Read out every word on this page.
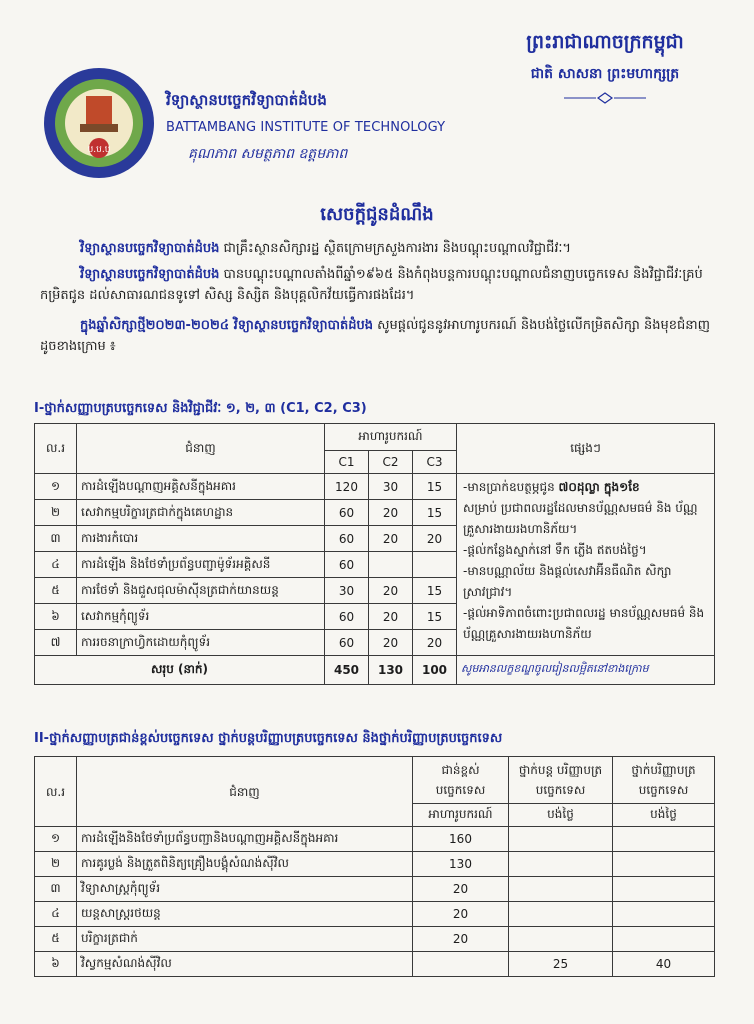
ប.ប.ប
វិទ្យាស្ថានបច្ចេកវិទ្យាបាត់ដំបង
BATTAMBANG INSTITUTE OF TECHNOLOGY
គុណភាព សមត្ថភាព ឧត្តមភាព
ព្រះរាជាណាចក្រកម្ពុជា
ជាតិ សាសនា ព្រះមហាក្សត្រ
សេចក្តីជូនដំណឹង
វិទ្យាស្ថានបច្ចេកវិទ្យាបាត់ដំបង ជាគ្រឹះស្ថានសិក្សារដ្ឋ ស្ថិតក្រោមក្រសួងការងារ និងបណ្តុះបណ្តាលវិជ្ជាជីវៈ។
វិទ្យាស្ថានបច្ចេកវិទ្យាបាត់ដំបង បានបណ្តុះបណ្តាលតាំងពីឆ្នាំ១៩៦៥ និងកំពុងបន្តការបណ្តុះបណ្តាលជំនាញបច្ចេកទេស និងវិជ្ជាជីវៈគ្រប់កម្រិតជូន ដល់សាធារណជនទូទៅ សិស្ស និស្សិត និងបុគ្គលិកវ័យធ្វើការផងដែរ។
ក្នុងឆ្នាំសិក្សាថ្មី២០២៣-២០២៤ វិទ្យាស្ថានបច្ចេកវិទ្យាបាត់ដំបង សូមផ្តល់ជូននូវអាហារូបករណ៍ និងបង់ថ្លៃលើកម្រិតសិក្សា និងមុខជំនាញ ដូចខាងក្រោម ៖
I-ថ្នាក់សញ្ញាបត្របច្ចេកទេស និងវិជ្ជាជីវៈ ១, ២, ៣ (C1, C2, C3)
ល.រ	ជំនាញ	អាហារូបករណ៍			ផ្សេងៗ
		C1	C2	C3	
១	ការដំឡើងបណ្តាញអគ្គិសនីក្នុងអគារ	120	30	15	-មានប្រាក់ឧបត្ថម្ភជូន ៧០ដុល្លា ក្នុង១ខែ
សម្រាប់ ប្រជាពលរដ្ឋដែលមានប័ណ្ណសមធម៌ និង ប័ណ្ណគ្រួសារងាយរងហានិភ័យ។
-ផ្តល់កន្លែងស្នាក់នៅ ទឹក ភ្លើង ឥតបង់ថ្លៃ។
-មានបណ្ណាល័យ និងផ្តល់សេវាអ៊ីនធឺណិត សិក្សា ស្រាវជ្រាវ។
-ផ្តល់អាទិភាពចំពោះប្រជាពលរដ្ឋ មានប័ណ្ណសមធម៌ និងប័ណ្ណគ្រួសារងាយរងហានិភ័យ

២	សេវាកម្មបរិក្ខារត្រជាក់ក្នុងគេហដ្ឋាន	60	20	15	
៣	ការងារកំបោរ	60	20	20	
៤	ការដំឡើង និងថែទាំប្រព័ន្ធបញ្ជាម៉ូទ័រអគ្គិសនី	60			
៥	ការថែទាំ និងជួសជុលម៉ាស៊ីនត្រជាក់យានយន្ត	30	20	15	
៦	សេវាកម្មកុំព្យូទ័រ	60	20	15	
៧	ការរចនាក្រាហ្វិកដោយកុំព្យូទ័រ	60	20	20	
សរុប (នាក់)		450	130	100	សូមអានលក្ខខណ្ឌចូលរៀនលម្អិតនៅខាងក្រោម
II-ថ្នាក់សញ្ញាបត្រជាន់ខ្ពស់បច្ចេកទេស ថ្នាក់បន្តបរិញ្ញាបត្របច្ចេកទេស និងថ្នាក់បរិញ្ញាបត្របច្ចេកទេស
ល.រ	ជំនាញ	ជាន់ខ្ពស់បច្ចេកទេស	ថ្នាក់បន្ត បរិញ្ញាបត្របច្ចេកទេស	ថ្នាក់បរិញ្ញាបត្របច្ចេកទេស
		អាហារូបករណ៍	បង់ថ្លៃ	បង់ថ្លៃ
១	ការដំឡើងនិងថែទាំប្រព័ន្ធបញ្ជានិងបណ្តាញអគ្គិសនីក្នុងអគារ	160		
២	ការគូរប្លង់ និងត្រួតពិនិត្យគ្រឿងបង្គុំសំណង់ស៊ីវិល	130		
៣	វិទ្យាសាស្ត្រកុំព្យូទ័រ	20		
៤	យន្តសាស្ត្ររថយន្ត	20		
៥	បរិក្ខារត្រជាក់	20		
៦	វិស្វកម្មសំណង់ស៊ីវិល		25	40
